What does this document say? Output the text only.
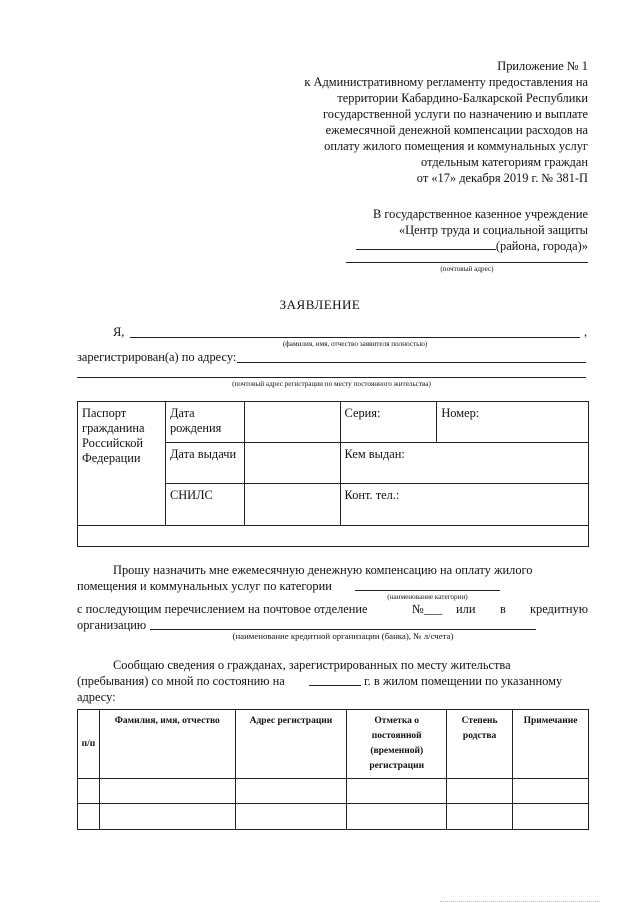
Приложение № 1
к Административному регламенту предоставления на
территории Кабардино-Балкарской Республики
государственной услуги по назначению и выплате
ежемесячной денежной компенсации расходов на
оплату жилого помещения и коммунальных услуг
отдельным категориям граждан
от «17» декабря 2019 г. № 381-П
В государственное казенное учреждение
«Центр труда и социальной защиты
(района, города)»
(почтовый адрес)
ЗАЯВЛЕНИЕ
Я,	,
(фамилия, имя, отчество заявителя полностью)
зарегистрирован(а) по адресу:
(почтовый адрес регистрации по месту постоянного жительства)
Паспорт гражданина Российской Федерации	Дата рождения		Серия:	Номер:
	Дата выдачи		Кем выдан:	
	СНИЛС		Конт. тел.:	

Прошу назначить мне ежемесячную денежную компенсацию на оплату жилого
помещения и коммунальных услуг по категории
(наименование категории)
с последующим перечислением на почтовое отделение	№___ или в кредитную
организацию
(наименование кредитной организации (банка), № л/счета)
Сообщаю сведения о гражданах, зарегистрированных по месту жительства
(пребывания) со мной по состоянию на	г. в жилом помещении по указанному
адресу:
п/п	Фамилия, имя, отчество	Адрес регистрации	Отметка о постоянной (временной) регистрации	Степень родства	Примечание
